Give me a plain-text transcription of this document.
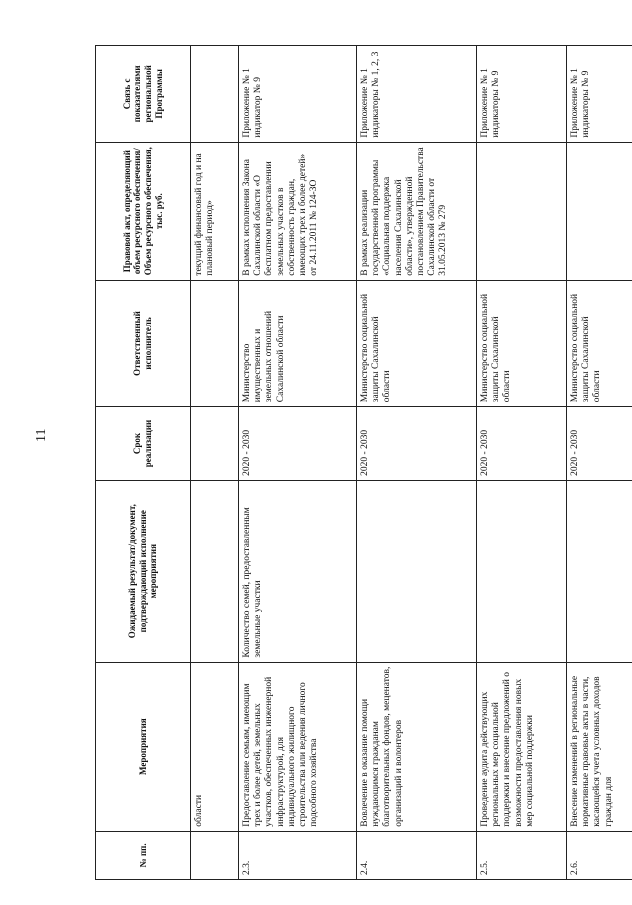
11
№ пп.	Мероприятия	Ожидаемый результат/документ, подтверждающий исполнение мероприятия	Срок реализации	Ответственный исполнитель	Правовой акт, определяющий объем ресурсного обеспечения/Объем ресурсного обеспечения, тыс. руб.	Связь с показателями региональной Программы
	области				текущий финансовый год и на плановый период»	
2.3.	Предоставление семьям, имеющим трех и более детей, земельных участков, обеспеченных инженерной инфраструктурой, для индивидуального жилищного строительства или ведения личного подсобного хозяйства	Количество семей, предоставленным земельные участки	2020 - 2030	Министерство имущественных и земельных отношений Сахалинской области	В рамках исполнения Закона Сахалинской области «О бесплатном предоставлении земельных участков в собственность граждан, имеющих трех и более детей» от 24.11.2011 № 124-ЗО	Приложение № 1 индикатор № 9
2.4.	Вовлечение в оказание помощи нуждающимся гражданам благотворительных фондов, меценатов, организаций и волонтеров		2020 - 2030	Министерство социальной защиты Сахалинской области	В рамках реализации государственной программы «Социальная поддержка населения Сахалинской области», утвержденной постановлением Правительства Сахалинской области от 31.05.2013 № 279	Приложение № 1 индикаторы № 1, 2, 3
2.5.	Проведение аудита действующих региональных мер социальной поддержки и внесение предложений о возможности предоставления новых мер социальной поддержки		2020 - 2030	Министерство социальной защиты Сахалинской области		Приложение № 1 индикаторы № 9
2.6.	Внесение изменений в региональные нормативные правовые акты в части, касающейся учета условных доходов граждан для		2020 - 2030	Министерство социальной защиты Сахалинской области		Приложение № 1 индикаторы № 9
